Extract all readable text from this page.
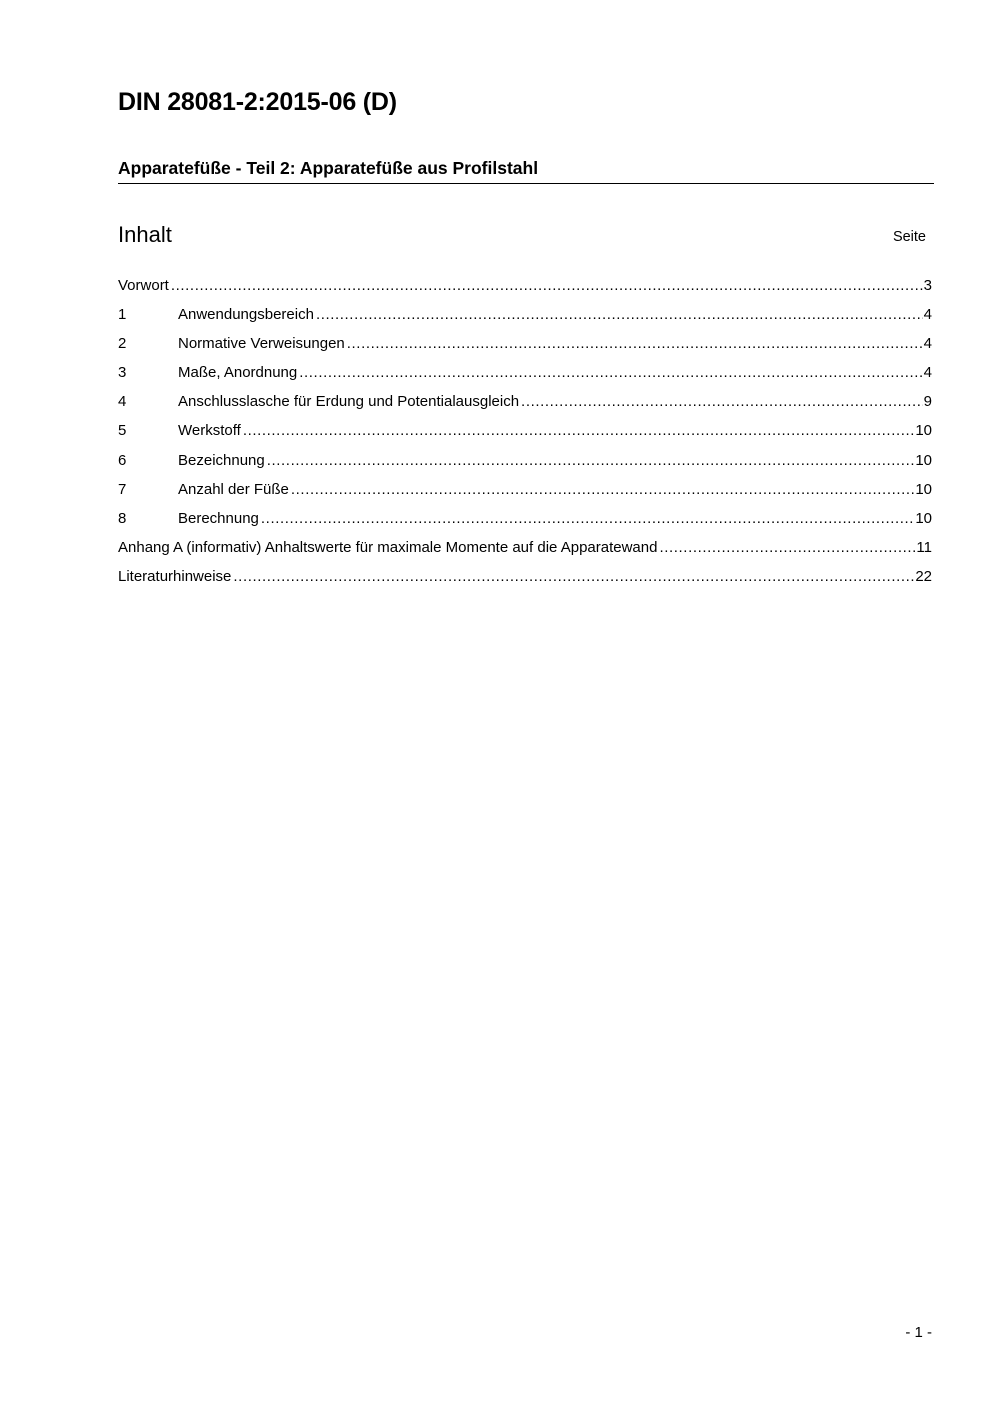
DIN 28081-2:2015-06 (D)
Apparatefüße - Teil 2: Apparatefüße aus Profilstahl
Inhalt	Seite
Vorwort .....	3
1	Anwendungsbereich .....	4
2	Normative Verweisungen .....	4
3	Maße, Anordnung .....	4
4	Anschlusslasche für Erdung und Potentialausgleich .....	9
5	Werkstoff .....	10
6	Bezeichnung .....	10
7	Anzahl der Füße .....	10
8	Berechnung .....	10
Anhang A (informativ) Anhaltswerte für maximale Momente auf die Apparatewand .....	11
Literaturhinweise .....	22
- 1 -
